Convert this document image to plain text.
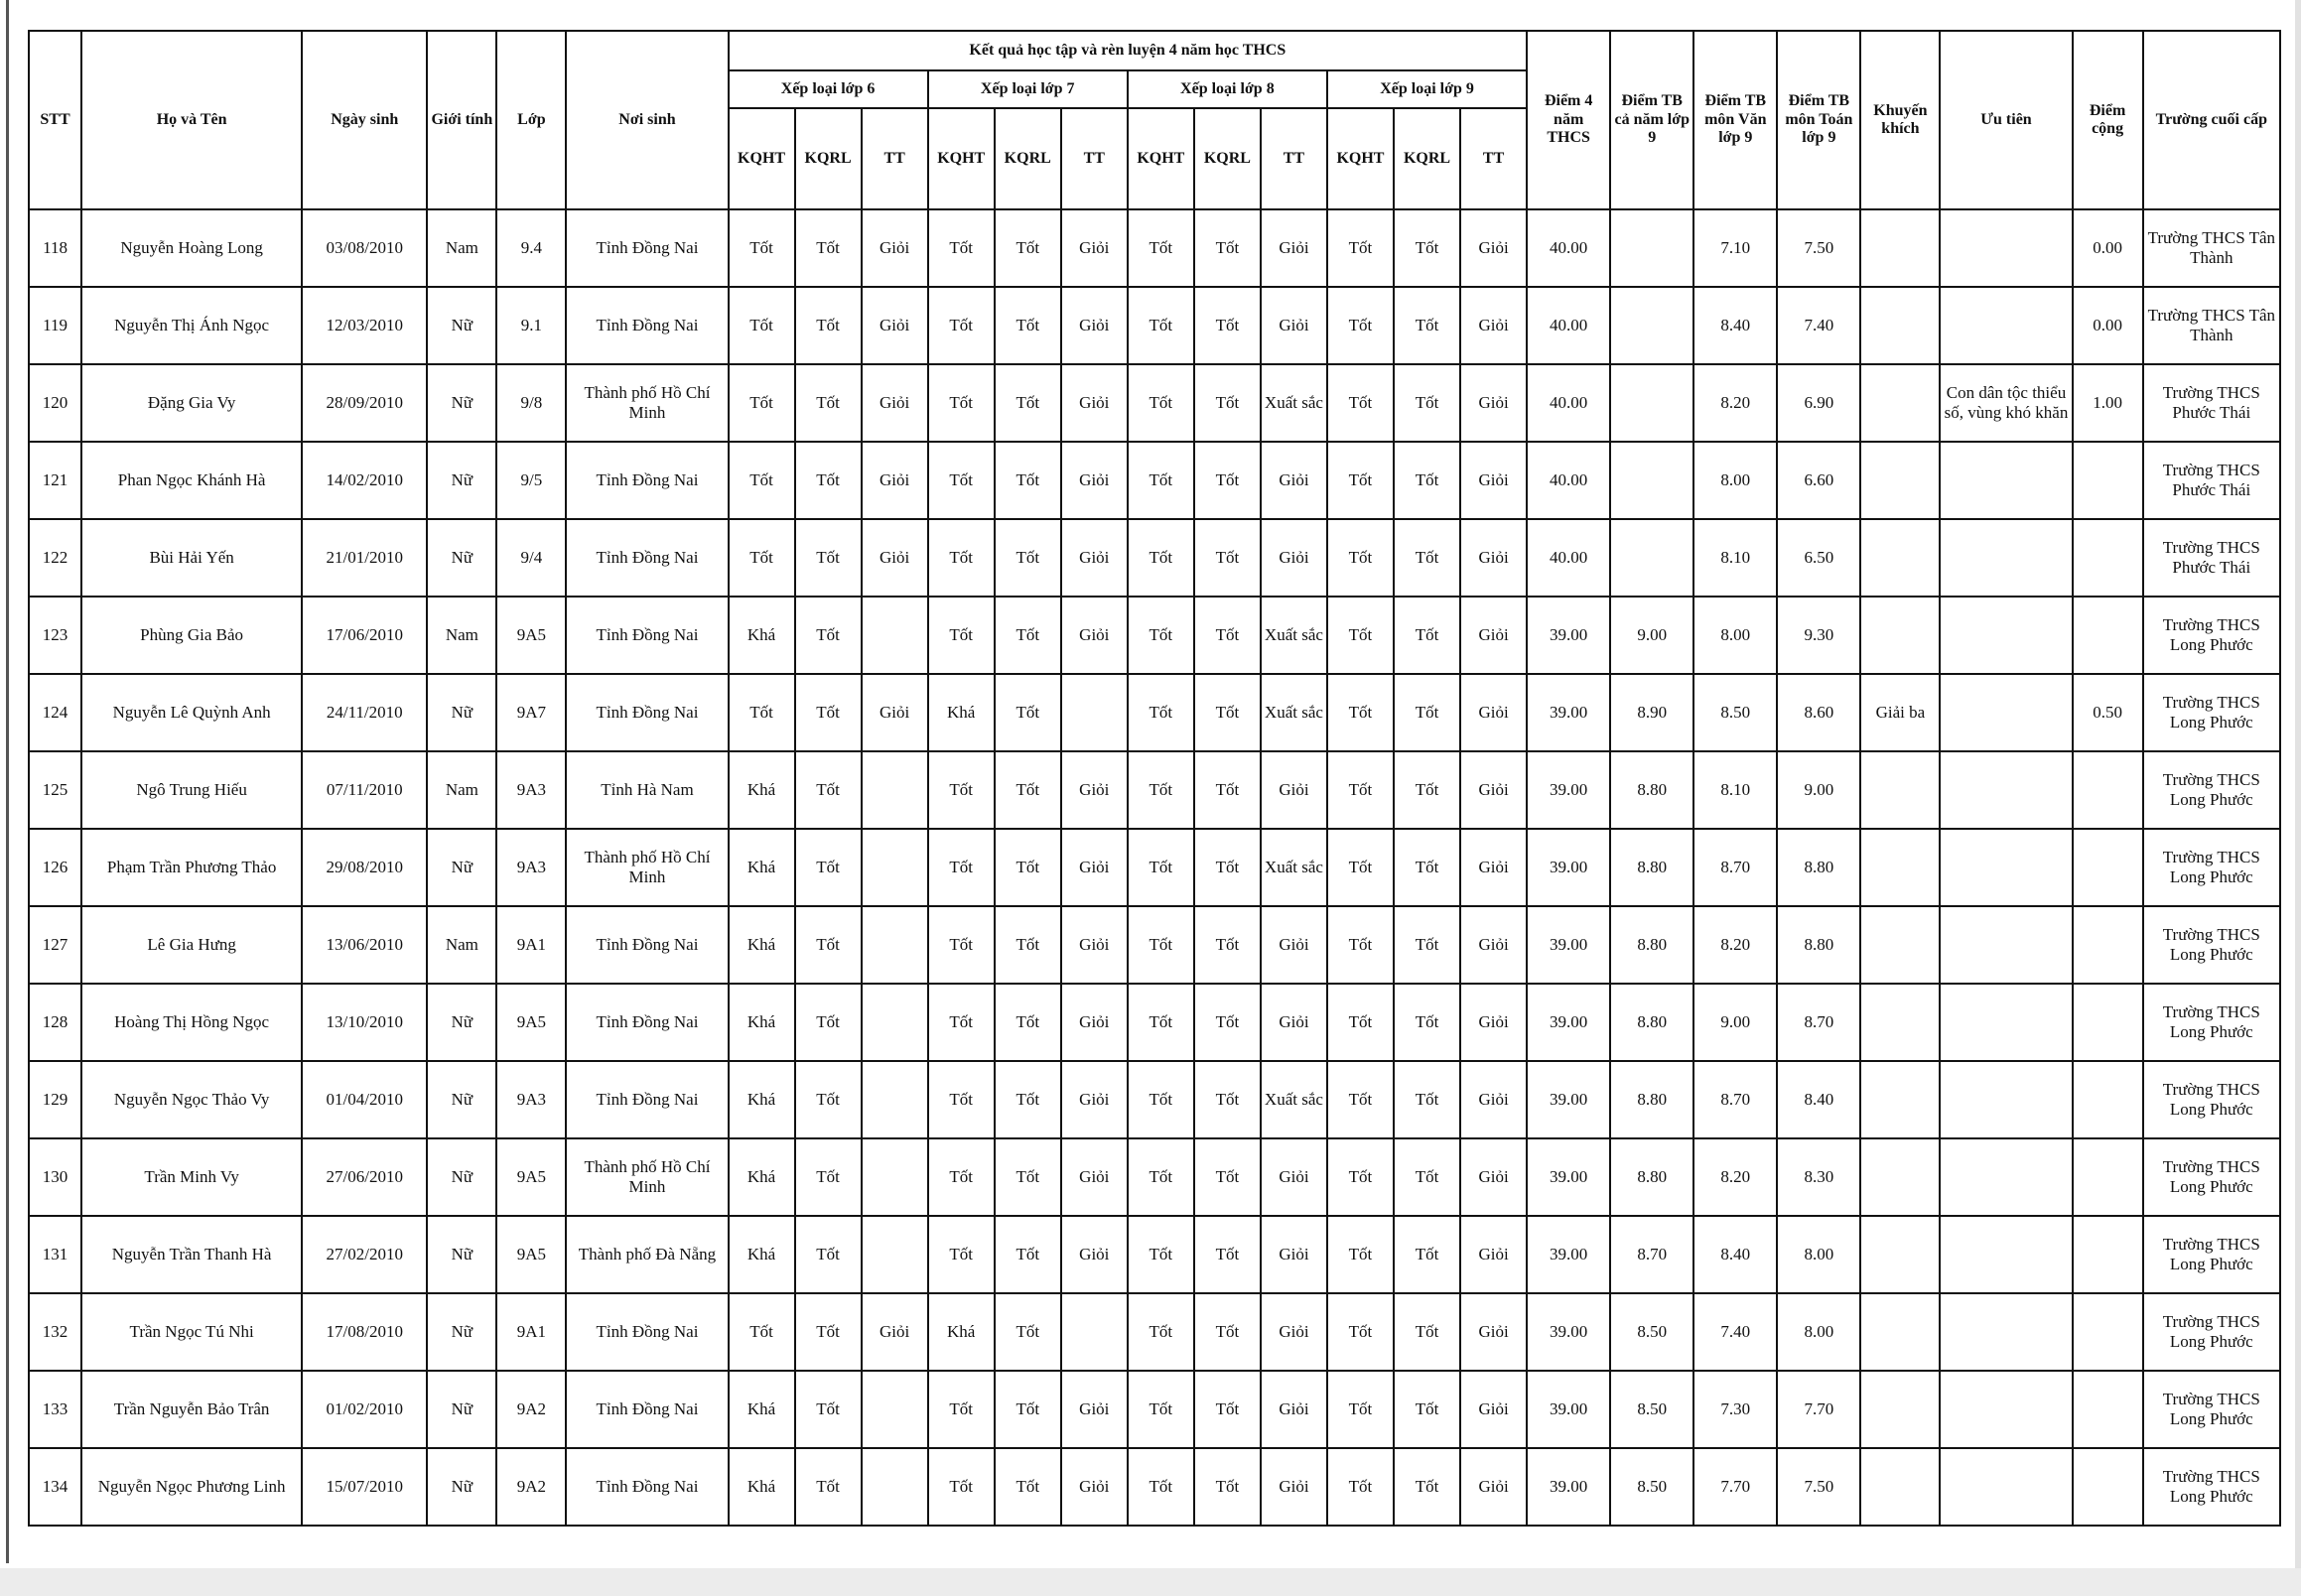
STT	Họ và Tên	Ngày sinh	Giới tính	Lớp	Nơi sinh	Kết quả học tập và rèn luyện 4 năm học THCS												Điểm 4 năm THCS	Điểm TB cả năm lớp 9	Điểm TB môn Văn lớp 9	Điểm TB môn Toán lớp 9	Khuyến khích	Ưu tiên	Điểm cộng	Trường cuối cấp
						Xếp loại lớp 6			Xếp loại lớp 7			Xếp loại lớp 8			Xếp loại lớp 9										
						KQHT	KQRL	TT	KQHT	KQRL	TT	KQHT	KQRL	TT	KQHT	KQRL	TT								
118	Nguyễn Hoàng Long	03/08/2010	Nam	9.4	Tỉnh Đồng Nai	Tốt	Tốt	Giỏi	Tốt	Tốt	Giỏi	Tốt	Tốt	Giỏi	Tốt	Tốt	Giỏi	40.00		7.10	7.50			0.00	Trường THCS Tân Thành
119	Nguyễn Thị Ánh Ngọc	12/03/2010	Nữ	9.1	Tỉnh Đồng Nai	Tốt	Tốt	Giỏi	Tốt	Tốt	Giỏi	Tốt	Tốt	Giỏi	Tốt	Tốt	Giỏi	40.00		8.40	7.40			0.00	Trường THCS Tân Thành
120	Đặng Gia Vy	28/09/2010	Nữ	9/8	Thành phố Hồ Chí Minh	Tốt	Tốt	Giỏi	Tốt	Tốt	Giỏi	Tốt	Tốt	Xuất sắc	Tốt	Tốt	Giỏi	40.00		8.20	6.90		Con dân tộc thiểu số, vùng khó khăn	1.00	Trường THCS Phước Thái
121	Phan Ngọc Khánh Hà	14/02/2010	Nữ	9/5	Tỉnh Đồng Nai	Tốt	Tốt	Giỏi	Tốt	Tốt	Giỏi	Tốt	Tốt	Giỏi	Tốt	Tốt	Giỏi	40.00		8.00	6.60				Trường THCS Phước Thái
122	Bùi Hải Yến	21/01/2010	Nữ	9/4	Tỉnh Đồng Nai	Tốt	Tốt	Giỏi	Tốt	Tốt	Giỏi	Tốt	Tốt	Giỏi	Tốt	Tốt	Giỏi	40.00		8.10	6.50				Trường THCS Phước Thái
123	Phùng Gia Bảo	17/06/2010	Nam	9A5	Tỉnh Đồng Nai	Khá	Tốt		Tốt	Tốt	Giỏi	Tốt	Tốt	Xuất sắc	Tốt	Tốt	Giỏi	39.00	9.00	8.00	9.30				Trường THCS Long Phước
124	Nguyễn Lê Quỳnh Anh	24/11/2010	Nữ	9A7	Tỉnh Đồng Nai	Tốt	Tốt	Giỏi	Khá	Tốt		Tốt	Tốt	Xuất sắc	Tốt	Tốt	Giỏi	39.00	8.90	8.50	8.60	Giải ba		0.50	Trường THCS Long Phước
125	Ngô Trung Hiếu	07/11/2010	Nam	9A3	Tỉnh Hà Nam	Khá	Tốt		Tốt	Tốt	Giỏi	Tốt	Tốt	Giỏi	Tốt	Tốt	Giỏi	39.00	8.80	8.10	9.00				Trường THCS Long Phước
126	Phạm Trần Phương Thảo	29/08/2010	Nữ	9A3	Thành phố Hồ Chí Minh	Khá	Tốt		Tốt	Tốt	Giỏi	Tốt	Tốt	Xuất sắc	Tốt	Tốt	Giỏi	39.00	8.80	8.70	8.80				Trường THCS Long Phước
127	Lê Gia Hưng	13/06/2010	Nam	9A1	Tỉnh Đồng Nai	Khá	Tốt		Tốt	Tốt	Giỏi	Tốt	Tốt	Giỏi	Tốt	Tốt	Giỏi	39.00	8.80	8.20	8.80				Trường THCS Long Phước
128	Hoàng Thị Hồng Ngọc	13/10/2010	Nữ	9A5	Tỉnh Đồng Nai	Khá	Tốt		Tốt	Tốt	Giỏi	Tốt	Tốt	Giỏi	Tốt	Tốt	Giỏi	39.00	8.80	9.00	8.70				Trường THCS Long Phước
129	Nguyễn Ngọc Thảo Vy	01/04/2010	Nữ	9A3	Tỉnh Đồng Nai	Khá	Tốt		Tốt	Tốt	Giỏi	Tốt	Tốt	Xuất sắc	Tốt	Tốt	Giỏi	39.00	8.80	8.70	8.40				Trường THCS Long Phước
130	Trần Minh Vy	27/06/2010	Nữ	9A5	Thành phố Hồ Chí Minh	Khá	Tốt		Tốt	Tốt	Giỏi	Tốt	Tốt	Giỏi	Tốt	Tốt	Giỏi	39.00	8.80	8.20	8.30				Trường THCS Long Phước
131	Nguyễn Trần Thanh Hà	27/02/2010	Nữ	9A5	Thành phố Đà Nẵng	Khá	Tốt		Tốt	Tốt	Giỏi	Tốt	Tốt	Giỏi	Tốt	Tốt	Giỏi	39.00	8.70	8.40	8.00				Trường THCS Long Phước
132	Trần Ngọc Tú Nhi	17/08/2010	Nữ	9A1	Tỉnh Đồng Nai	Tốt	Tốt	Giỏi	Khá	Tốt		Tốt	Tốt	Giỏi	Tốt	Tốt	Giỏi	39.00	8.50	7.40	8.00				Trường THCS Long Phước
133	Trần Nguyễn Bảo Trân	01/02/2010	Nữ	9A2	Tỉnh Đồng Nai	Khá	Tốt		Tốt	Tốt	Giỏi	Tốt	Tốt	Giỏi	Tốt	Tốt	Giỏi	39.00	8.50	7.30	7.70				Trường THCS Long Phước
134	Nguyễn Ngọc Phương Linh	15/07/2010	Nữ	9A2	Tỉnh Đồng Nai	Khá	Tốt		Tốt	Tốt	Giỏi	Tốt	Tốt	Giỏi	Tốt	Tốt	Giỏi	39.00	8.50	7.70	7.50				Trường THCS Long Phước
